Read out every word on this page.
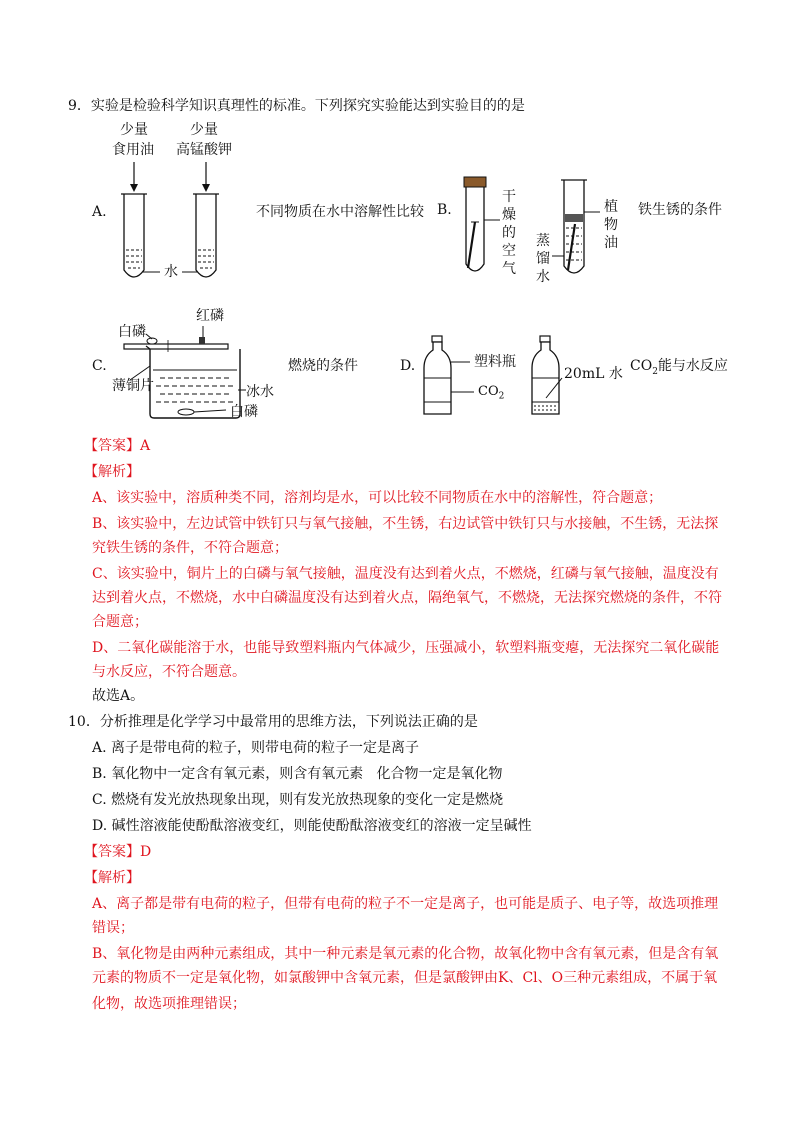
9．实验是检验科学知识真理性的标准。下列探究实验能达到实验目的的是
A.
少量
食用油
少量
高锰酸钾
水
不同物质在水中溶解性比较 B.
干
燥
的
空
气
蒸
馏
水
植
物
油
铁生锈的条件
C.
白磷
红磷
薄铜片	冰水
白磷
燃烧的条件	D.	塑料瓶
$CO_2$
20mL 水 $CO_2$能与水反应
【答案】A
【解析】
A、该实验中，溶质种类不同，溶剂均是水，可以比较不同物质在水中的溶解性，符合题意；
B、该实验中，左边试管中铁钉只与氧气接触，不生锈，右边试管中铁钉只与水接触，不生锈，无法探
究铁生锈的条件，不符合题意；
C、该实验中，铜片上的白磷与氧气接触，温度没有达到着火点，不燃烧，红磷与氧气接触，温度没有
达到着火点，不燃烧，水中白磷温度没有达到着火点，隔绝氧气，不燃烧，无法探究燃烧的条件，不符
合题意；
D、二氧化碳能溶于水，也能导致塑料瓶内气体减少，压强减小，软塑料瓶变瘪，无法探究二氧化碳能
与水反应，不符合题意。
故选A。
10．分析推理是化学学习中最常用的思维方法，下列说法正确的是
A. 离子是带电荷的粒子，则带电荷的粒子一定是离子
B. 氧化物中一定含有氧元素，则含有氧元素   化合物一定是氧化物
C. 燃烧有发光放热现象出现，则有发光放热现象的变化一定是燃烧
D. 碱性溶液能使酚酞溶液变红，则能使酚酞溶液变红的溶液一定呈碱性
【答案】D
【解析】
A、离子都是带有电荷的粒子，但带有电荷的粒子不一定是离子，也可能是质子、电子等，故选项推理
错误；
B、氧化物是由两种元素组成，其中一种元素是氧元素的化合物，故氧化物中含有氧元素，但是含有氧
元素的物质不一定是氧化物，如氯酸钾中含氧元素，但是氯酸钾由K、Cl、O三种元素组成，不属于氧
化物，故选项推理错误；
